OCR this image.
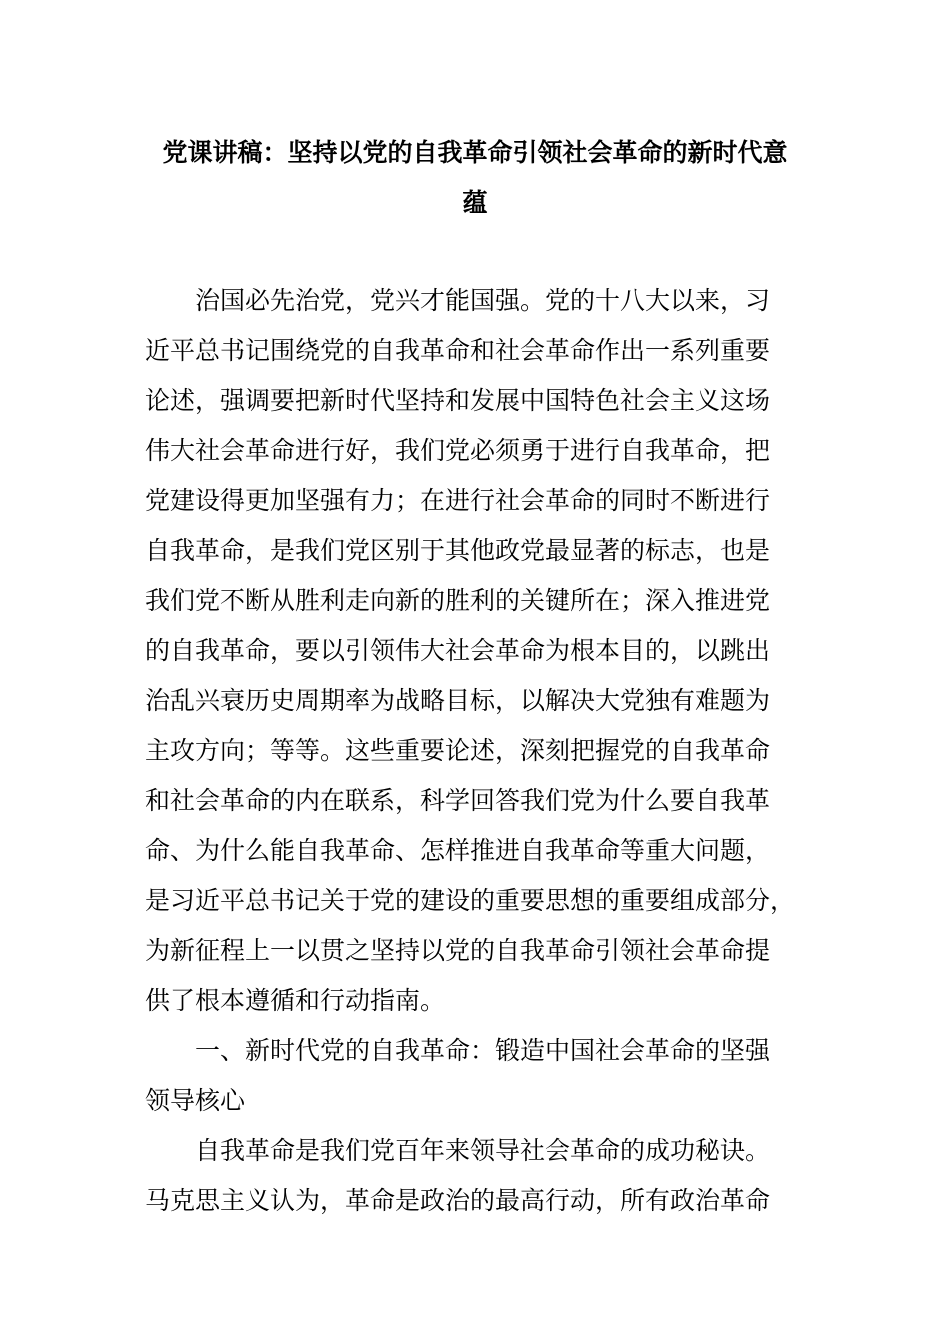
党课讲稿：坚持以党的自我革命引领社会革命的新时代意
蕴
治国必先治党，党兴才能国强。党的十八大以来，习
近平总书记围绕党的自我革命和社会革命作出一系列重要
论述，强调要把新时代坚持和发展中国特色社会主义这场
伟大社会革命进行好，我们党必须勇于进行自我革命，把
党建设得更加坚强有力；在进行社会革命的同时不断进行
自我革命，是我们党区别于其他政党最显著的标志，也是
我们党不断从胜利走向新的胜利的关键所在；深入推进党
的自我革命，要以引领伟大社会革命为根本目的，以跳出
治乱兴衰历史周期率为战略目标，以解决大党独有难题为
主攻方向；等等。这些重要论述，深刻把握党的自我革命
和社会革命的内在联系，科学回答我们党为什么要自我革
命、为什么能自我革命、怎样推进自我革命等重大问题，
是习近平总书记关于党的建设的重要思想的重要组成部分，
为新征程上一以贯之坚持以党的自我革命引领社会革命提
供了根本遵循和行动指南。
一、新时代党的自我革命：锻造中国社会革命的坚强
领导核心
自我革命是我们党百年来领导社会革命的成功秘诀。
马克思主义认为，革命是政治的最高行动，所有政治革命
